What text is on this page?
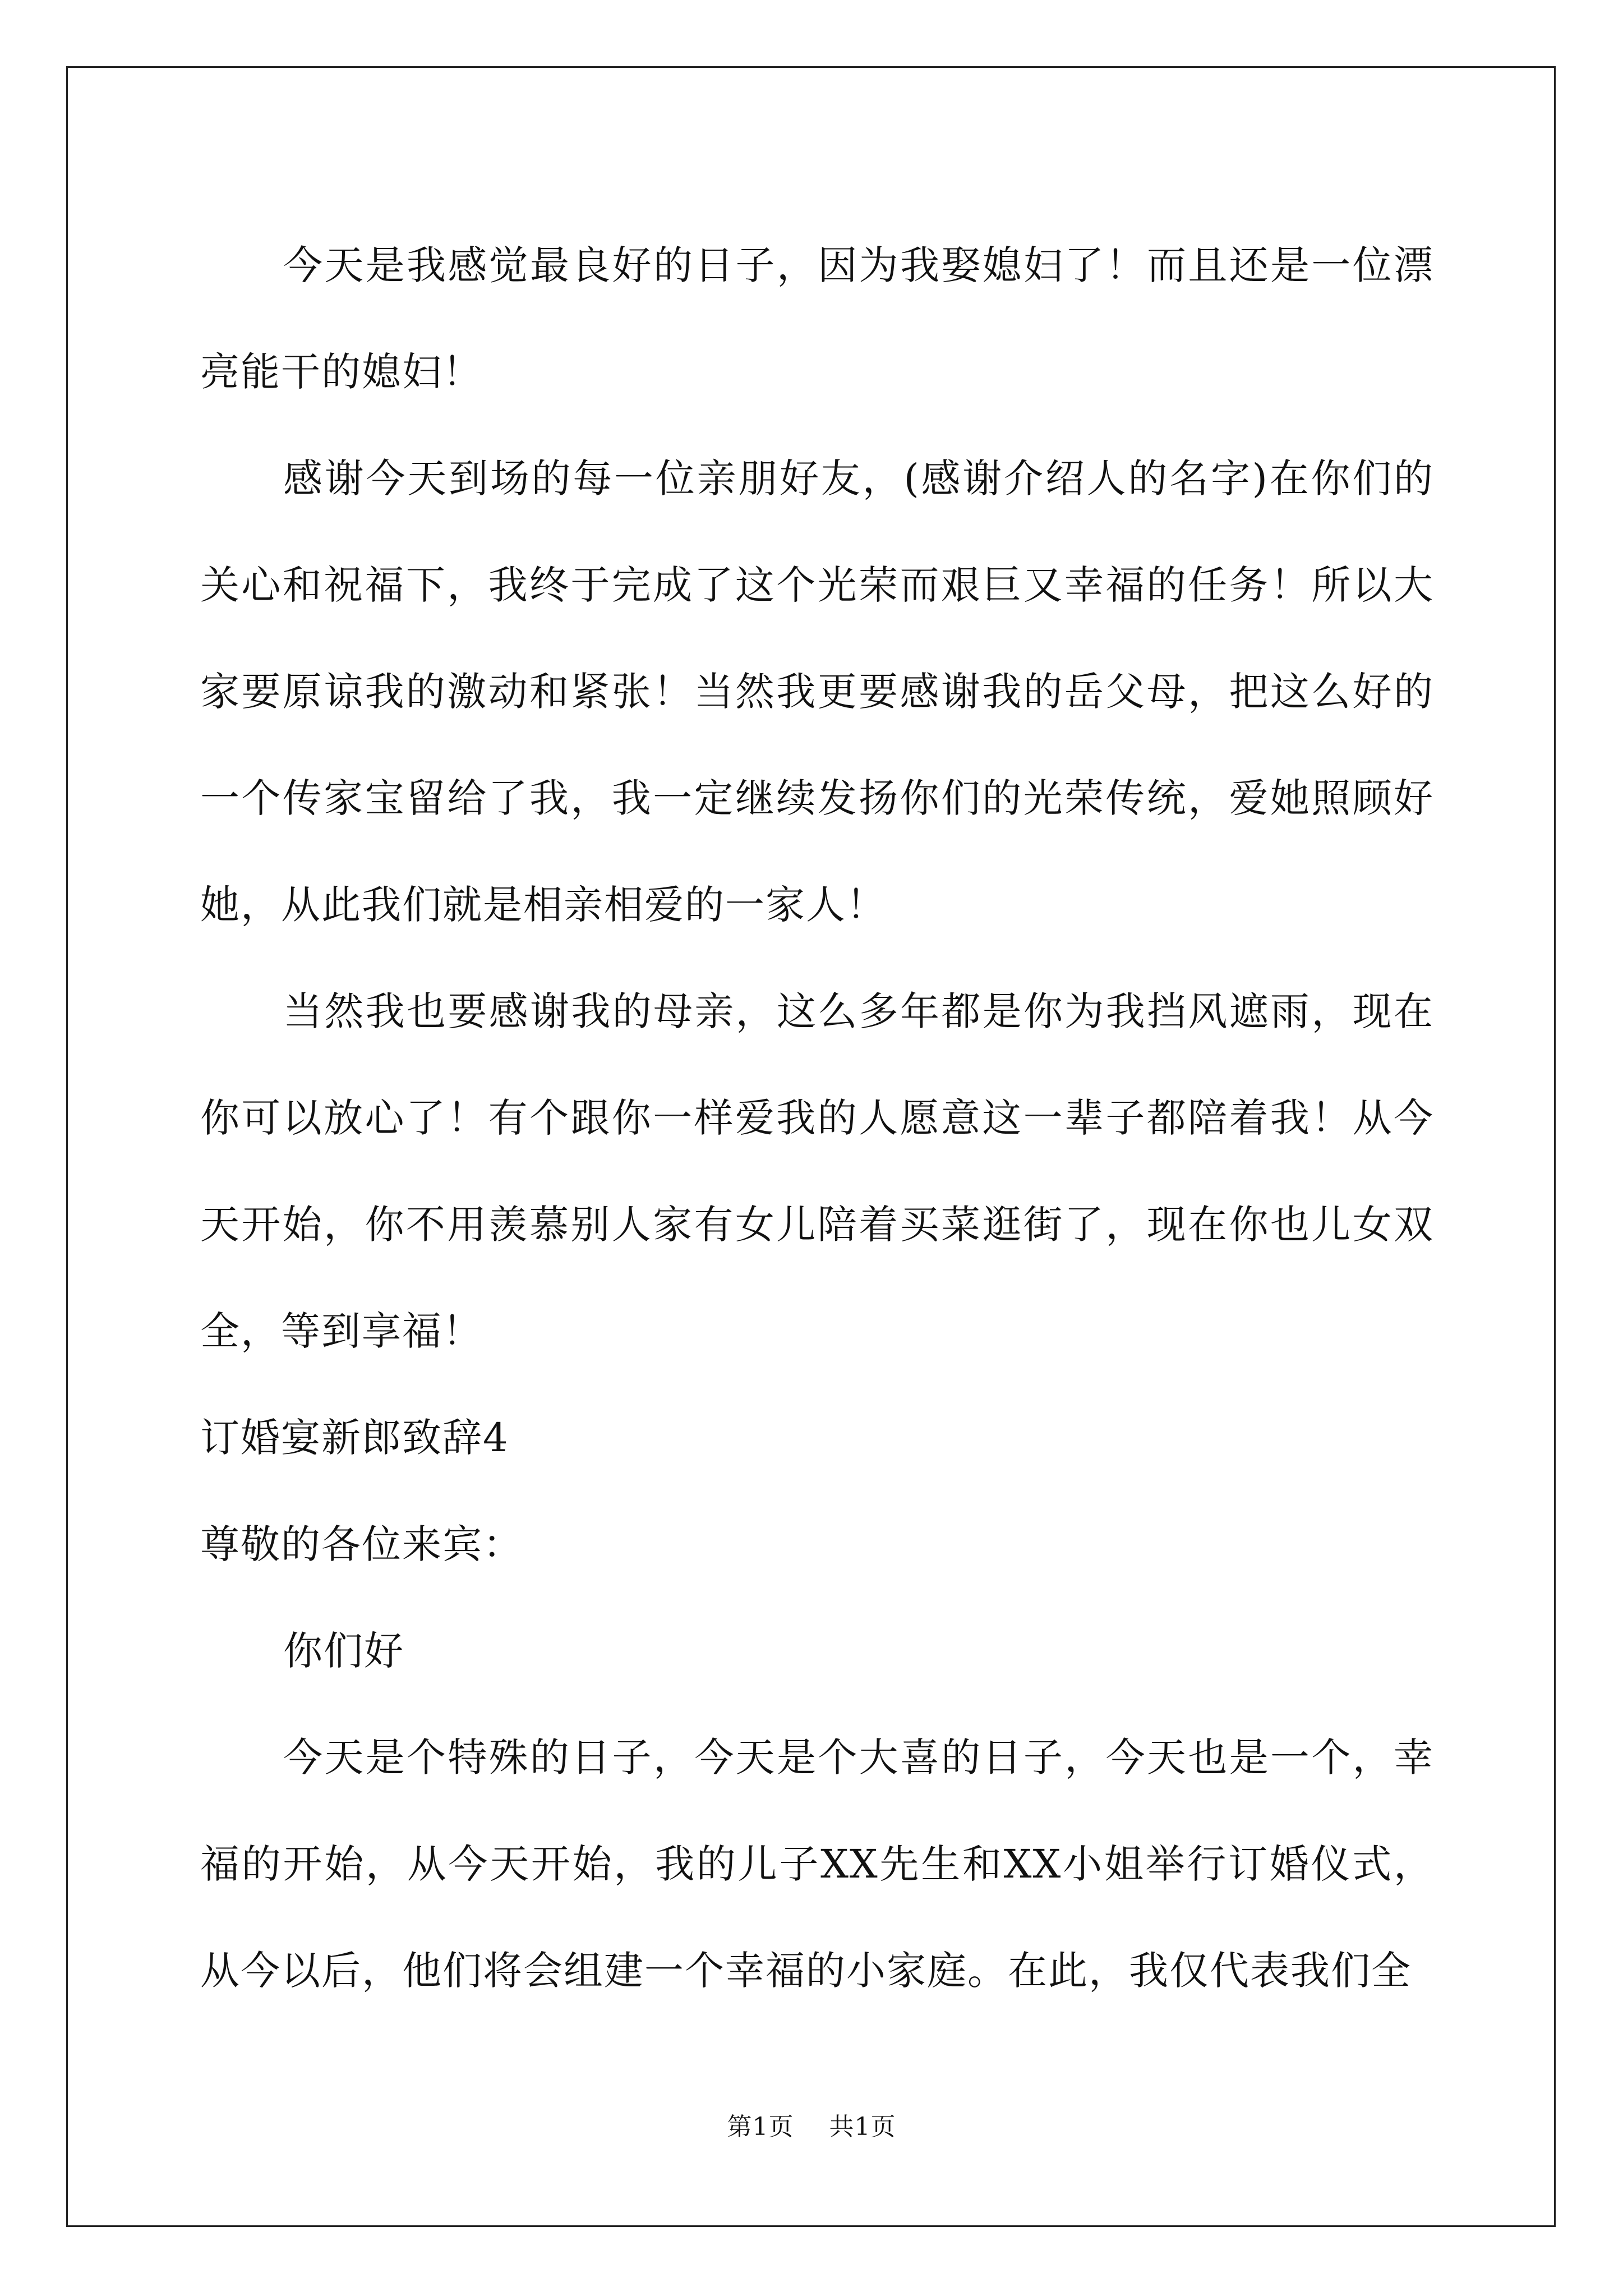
今天是我感觉最良好的日子，因为我娶媳妇了！而且还是一位漂亮能干的媳妇！

感谢今天到场的每一位亲朋好友，(感谢介绍人的名字)在你们的关心和祝福下，我终于完成了这个光荣而艰巨又幸福的任务！所以大家要原谅我的激动和紧张！当然我更要感谢我的岳父母，把这么好的一个传家宝留给了我，我一定继续发扬你们的光荣传统，爱她照顾好她，从此我们就是相亲相爱的一家人！

当然我也要感谢我的母亲，这么多年都是你为我挡风遮雨，现在你可以放心了！有个跟你一样爱我的人愿意这一辈子都陪着我！从今天开始，你不用羡慕别人家有女儿陪着买菜逛街了，现在你也儿女双全，等到享福！

订婚宴新郎致辞4

尊敬的各位来宾：

你们好

今天是个特殊的日子，今天是个大喜的日子，今天也是一个，幸福的开始，从今天开始，我的儿子XX先生和XX小姐举行订婚仪式，从今以后，他们将会组建一个幸福的小家庭。在此，我仅代表我们全

第1页 共1页
